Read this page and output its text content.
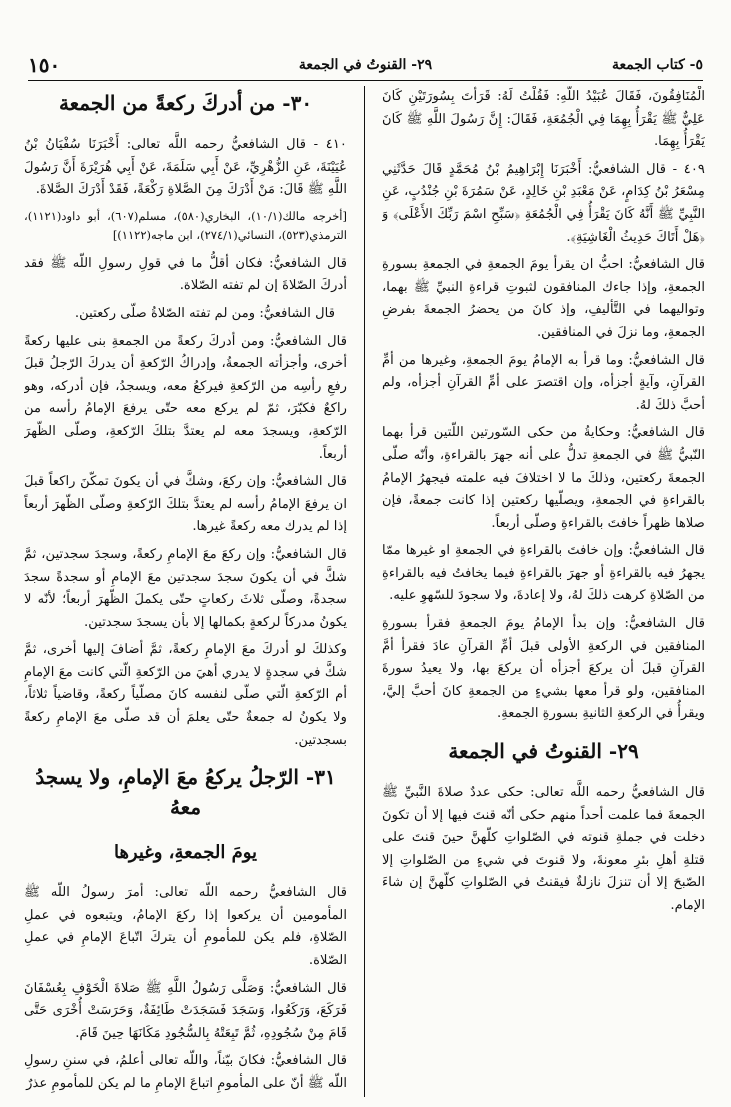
٥- كتاب الجمعة
٢٩- القنوتُ في الجمعة
١٥٠

الْمُنَافِقُونَ، فَقَالَ عُبَيْدُ اللَّهِ: فَقُلْتُ لَهُ: قَرَأْتَ بِسُورَتَيْنِ كَانَ عَلِيٌّ ﷺ يَقْرَأُ بِهِمَا فِي الْجُمُعَةِ، فَقَالَ: إِنَّ رَسُولَ اللَّهِ ﷺ كَانَ يَقْرَأُ بِهِمَا.

٤٠٩ - قال الشافعيُّ: أَخْبَرَنَا إِبْرَاهِيمُ بْنُ مُحَمَّدٍ قَالَ حَدَّثَنِي مِسْعَرُ بْنُ كِدَامٍ، عَنْ مَعْبَدِ بْنِ خَالِدٍ، عَنْ سَمُرَةَ بْنِ جُنْدُبٍ، عَنِ النَّبِيِّ ﷺ أَنَّهُ كَانَ يَقْرَأُ فِي الْجُمُعَةِ ﴿سَبِّحِ اسْمَ رَبِّكَ الأَعْلَى﴾ وَ ﴿هَلْ أَتَاكَ حَدِيثُ الْغَاشِيَةِ﴾.

قال الشافعيُّ: احبُّ ان يقرأ يومَ الجمعةِ في الجمعةِ بسورةِ الجمعةِ، وإذا جاءك المنافقون لثبوتِ قراءةِ النبيِّ ﷺ بهما، وتواليهما في التَّأليفِ، وإذ كانَ من يحضرُ الجمعةَ بفرضِ الجمعةِ، وما نزلَ في المنافقين.

قال الشافعيُّ: وما قرأ به الإمامُ يومَ الجمعةِ، وغيرها من أمِّ القرآنِ، وآيةٍ أجزأه، وإن اقتصرَ على أمِّ القرآنِ أجزأه، ولم أحبَّ ذلكَ لهُ.

قال الشافعيُّ: وحكايةُ من حكى السّورتين اللّتين قرأ بهما النّبيُّ ﷺ في الجمعةِ تدلُّ على أنه جهرَ بالقراءةِ، وأنّه صلّى الجمعةَ ركعتين، وذلكَ ما لا اختلافَ فيه علمته فيجهرُ الإمامُ بالقراءةِ في الجمعةِ، ويصلّيها ركعتين إذا كانت جمعةً، فإن صلاها ظهراً خافتَ بالقراءةِ وصلّى أربعاً.

قال الشافعيُّ: وإن خافتَ بالقراءةِ في الجمعةِ او غيرها ممّا يجهرُ فيه بالقراءةِ أو جهرَ بالقراءةِ فيما يخافتُ فيه بالقراءةِ من الصّلاةِ كرهت ذلكَ لهُ، ولا إعادةَ، ولا سجودَ للسّهوِ عليه.

قال الشافعيُّ: وإن بدأ الإمامُ يومَ الجمعةِ فقرأ بسورةِ المنافقين في الركعةِ الأولى قبلَ أمِّ القرآنِ عادَ فقرأ أمَّ القرآنِ قبلَ أن يركعَ أجزأه أن يركعَ بها، ولا يعيدُ سورةَ المنافقين، ولو قرأ معها بشيءٍ من الجمعةِ كانَ أحبَّ إليَّ، ويقرأُ في الركعةِ الثانيةِ بسورةِ الجمعةِ.

٢٩- القنوتُ في الجمعة

قال الشافعيُّ رحمه اللَّه تعالى: حكى عددٌ صلاةَ النَّبيِّ ﷺ الجمعةَ فما علمت أحداً منهم حكى أنّه قنتَ فيها إلا أن تكونَ دخلت في جملةِ قنوته في الصّلواتِ كلّهنَّ حينَ قنتَ على قتلةِ أهلِ بئرِ معونةَ، ولا قنوتَ في شيءٍ من الصّلواتِ إلا الصّبحَ إلا أن تنزلَ نازلةٌ فيقنتُ في الصّلواتِ كلّهنَّ إن شاءَ الإمام.

٣٠- من أدركَ ركعةً من الجمعة

٤١٠ - قال الشافعيُّ رحمه اللَّه تعالى: أَخْبَرَنَا سُفْيَانُ بْنُ عُيَيْنَةَ، عَنِ الزُّهْرِيِّ، عَنْ أَبِي سَلَمَةَ، عَنْ أَبِي هُرَيْرَةَ أَنَّ رَسُولَ اللَّهِ ﷺ قَالَ: مَنْ أَدْرَكَ مِنَ الصَّلاةِ رَكْعَةً، فَقَدْ أَدْرَكَ الصَّلاةَ.

[أخرجه مالك(١٠/١)، البخاري(٥٨٠)، مسلم(٦٠٧)، أبو داود(١١٢١)، الترمذي(٥٢٣)، النسائي(٢٧٤/١)، ابن ماجه(١١٢٢)]

قال الشافعيُّ: فكان أقلُّ ما في قولِ رسولِ اللّه ﷺ فقد أدركَ الصّلاةَ إن لم تفته الصّلاة.

قال الشافعيُّ: ومن لم تفته الصّلاةُ صلّى ركعتين.

قال الشافعيُّ: ومن أدركَ ركعةً من الجمعةِ بنى عليها ركعةً أخرى، وأجزأته الجمعةُ، وإدراكُ الرّكعةِ أن يدركَ الرّجلُ قبلَ رفعِ رأسِه من الرّكعةِ فيركعُ معه، ويسجدُ، فإن أدركه، وهو راكعٌ فكبّرَ، ثمّ لم يركع معه حتّى يرفعَ الإمامُ رأسه من الرّكعةِ، ويسجدَ معه لم يعتدَّ بتلكَ الرّكعةِ، وصلّى الظّهرَ أربعاً.

قال الشافعيُّ: وإن ركعَ، وشكَّ في أن يكونَ تمكّنَ راكعاً قبلَ ان يرفعَ الإمامُ رأسه لم يعتدَّ بتلكَ الرّكعةِ وصلّى الظّهرَ أربعاً إذا لم يدرك معه ركعةً غيرها.

قال الشافعيُّ: وإن ركعَ معَ الإمامِ ركعةً، وسجدَ سجدتين، ثمَّ شكَّ في أن يكونَ سجدَ سجدتين معَ الإمامِ أو سجدةً سجدَ سجدةً، وصلّى ثلاثَ ركعاتٍ حتّى يكملَ الظّهرَ أربعاً؛ لأنّه لا يكونُ مدركاً لركعةٍ بكمالها إلا بأن يسجدَ سجدتين.

وكذلكَ لو أدركَ معَ الإمامِ ركعةً، ثمَّ أضافَ إليها أخرى، ثمَّ شكَّ في سجدةٍ لا يدري أهيَ من الرّكعةِ الّتي كانت معَ الإمامِ أم الرّكعةِ الّتي صلّى لنفسه كانَ مصلّياً ركعةً، وقاضياً ثلاثاً، ولا يكونُ له جمعةٌ حتّى يعلمَ أن قد صلّى معَ الإمامِ ركعةً بسجدتين.

٣١- الرّجلُ يركعُ معَ الإمامِ، ولا يسجدُ معهُ
يومَ الجمعةِ، وغيرها

قال الشافعيُّ رحمه اللّه تعالى: أمرَ رسولُ اللّه ﷺ المأمومين أن يركعوا إذا ركعَ الإمامُ، ويتبعوه في عملِ الصّلاةِ، فلم يكن للمأمومِ أن يتركَ اتّباعَ الإمامِ في عملِ الصّلاة.

قال الشافعيُّ: وَصَلَّى رَسُولُ اللَّهِ ﷺ صَلاةَ الْخَوْفِ بِعُسْفَانَ فَرَكَعَ، وَرَكَعُوا، وَسَجَدَ فَسَجَدَتْ طَائِفَةٌ، وَحَرَسَتْ أُخْرَى حَتَّى قَامَ مِنْ سُجُودِهِ، ثُمَّ تَبِعَتْهُ بِالسُّجُودِ مَكَانَهَا حِينَ قَامَ.

قال الشافعيُّ: فكانَ بيّناً، واللّه تعالى أعلمُ، في سننِ رسولِ اللّه ﷺ أنّ على المأمومِ اتباعَ الإمامِ ما لم يكن للمأمومِ عذرٌ
